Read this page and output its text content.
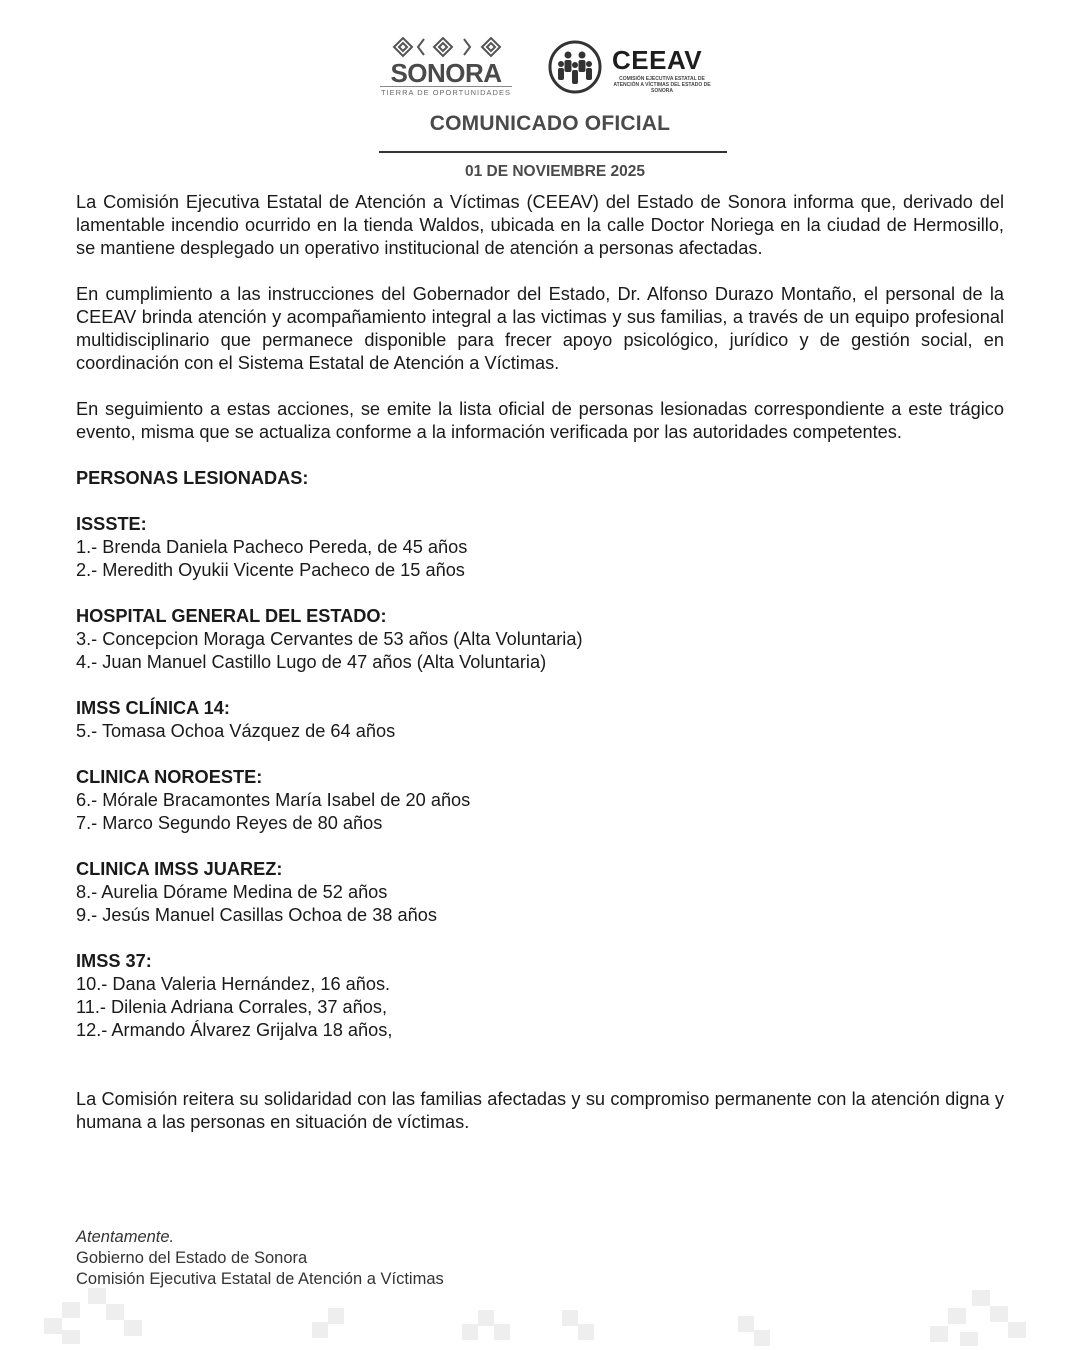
SONORA
TIERRA DE OPORTUNIDADES
CEEAV
COMISIÓN EJECUTIVA ESTATAL DE ATENCIÓN A VÍCTIMAS DEL ESTADO DE SONORA
COMUNICADO OFICIAL
01 DE NOVIEMBRE 2025

La Comisión Ejecutiva Estatal de Atención a Víctimas (CEEAV) del Estado de Sonora informa que, derivado del lamentable incendio ocurrido en la tienda Waldos, ubicada en la calle Doctor Noriega en la ciudad de Hermosillo, se mantiene desplegado un operativo institucional de atención a personas afectadas.

En cumplimiento a las instrucciones del Gobernador del Estado, Dr. Alfonso Durazo Montaño, el personal de la CEEAV brinda atención y acompañamiento integral a las victimas y sus familias, a través de un equipo profesional multidisciplinario que permanece disponible para frecer apoyo psicológico, jurídico y de gestión social, en coordinación con el Sistema Estatal de Atención a Víctimas.

En seguimiento a estas acciones, se emite la lista oficial de personas lesionadas correspondiente a este trágico evento, misma que se actualiza conforme a la información verificada por las autoridades competentes.

PERSONAS LESIONADAS:

ISSSTE:

1.- Brenda Daniela Pacheco Pereda, de 45 años

2.- Meredith Oyukii Vicente Pacheco de 15 años

HOSPITAL GENERAL DEL ESTADO:

3.- Concepcion Moraga Cervantes de 53 años (Alta Voluntaria)

4.- Juan Manuel Castillo Lugo de 47 años (Alta Voluntaria)

IMSS CLÍNICA 14:

5.- Tomasa Ochoa Vázquez de 64 años

CLINICA NOROESTE:

6.- Mórale Bracamontes María Isabel de 20 años

7.- Marco Segundo Reyes de 80 años

CLINICA IMSS JUAREZ:

8.- Aurelia Dórame Medina de 52 años

9.- Jesús Manuel Casillas Ochoa de 38 años

IMSS 37:

10.- Dana Valeria Hernández, 16 años.

11.- Dilenia Adriana Corrales, 37 años,

12.- Armando Álvarez Grijalva 18 años,

La Comisión reitera su solidaridad con las familias afectadas y su compromiso permanente con la atención digna y humana a las personas en situación de víctimas.

Atentamente.

Gobierno del Estado de Sonora

Comisión Ejecutiva Estatal de Atención a Víctimas
